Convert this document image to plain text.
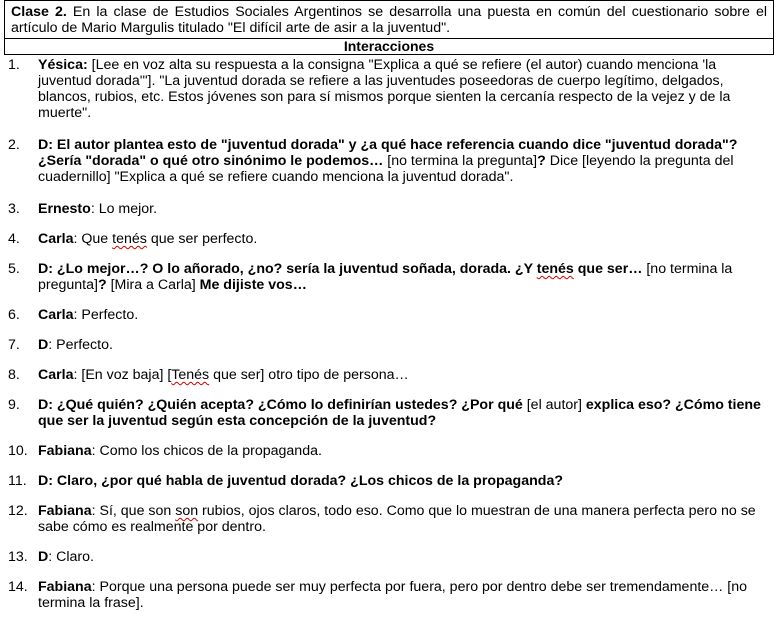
Clase 2. En la clase de Estudios Sociales Argentinos se desarrolla una puesta en común del cuestionario sobre el artículo de Mario Margulis titulado "El difícil arte de asir a la juventud".
Interacciones
1.	Yésica: [Lee en voz alta su respuesta a la consigna "Explica a qué se refiere (el autor) cuando menciona 'la juventud dorada'"]. "La juventud dorada se refiere a las juventudes poseedoras de cuerpo legítimo, delgados, blancos, rubios, etc. Estos jóvenes son para sí mismos porque sienten la cercanía respecto de la vejez y de la muerte".
2.	D: El autor plantea esto de "juventud dorada" y ¿a qué hace referencia cuando dice "juventud dorada"? ¿Sería "dorada" o qué otro sinónimo le podemos… [no termina la pregunta]? Dice [leyendo la pregunta del cuadernillo] "Explica a qué se refiere cuando menciona la juventud dorada".
3.	Ernesto: Lo mejor.
4.	Carla: Que tenés que ser perfecto.
5.	D: ¿Lo mejor…? O lo añorado, ¿no? sería la juventud soñada, dorada. ¿Y tenés que ser… [no termina la pregunta]? [Mira a Carla] Me dijiste vos…
6.	Carla: Perfecto.
7.	D: Perfecto.
8.	Carla: [En voz baja] [Tenés que ser] otro tipo de persona…
9.	D: ¿Qué quién? ¿Quién acepta? ¿Cómo lo definirían ustedes? ¿Por qué [el autor] explica eso? ¿Cómo tiene que ser la juventud según esta concepción de la juventud?
10. Fabiana: Como los chicos de la propaganda.
11. D: Claro, ¿por qué habla de juventud dorada? ¿Los chicos de la propaganda?
12. Fabiana: Sí, que son son rubios, ojos claros, todo eso. Como que lo muestran de una manera perfecta pero no se sabe cómo es realmente por dentro.
13. D: Claro.
14. Fabiana: Porque una persona puede ser muy perfecta por fuera, pero por dentro debe ser tremendamente… [no termina la frase].
